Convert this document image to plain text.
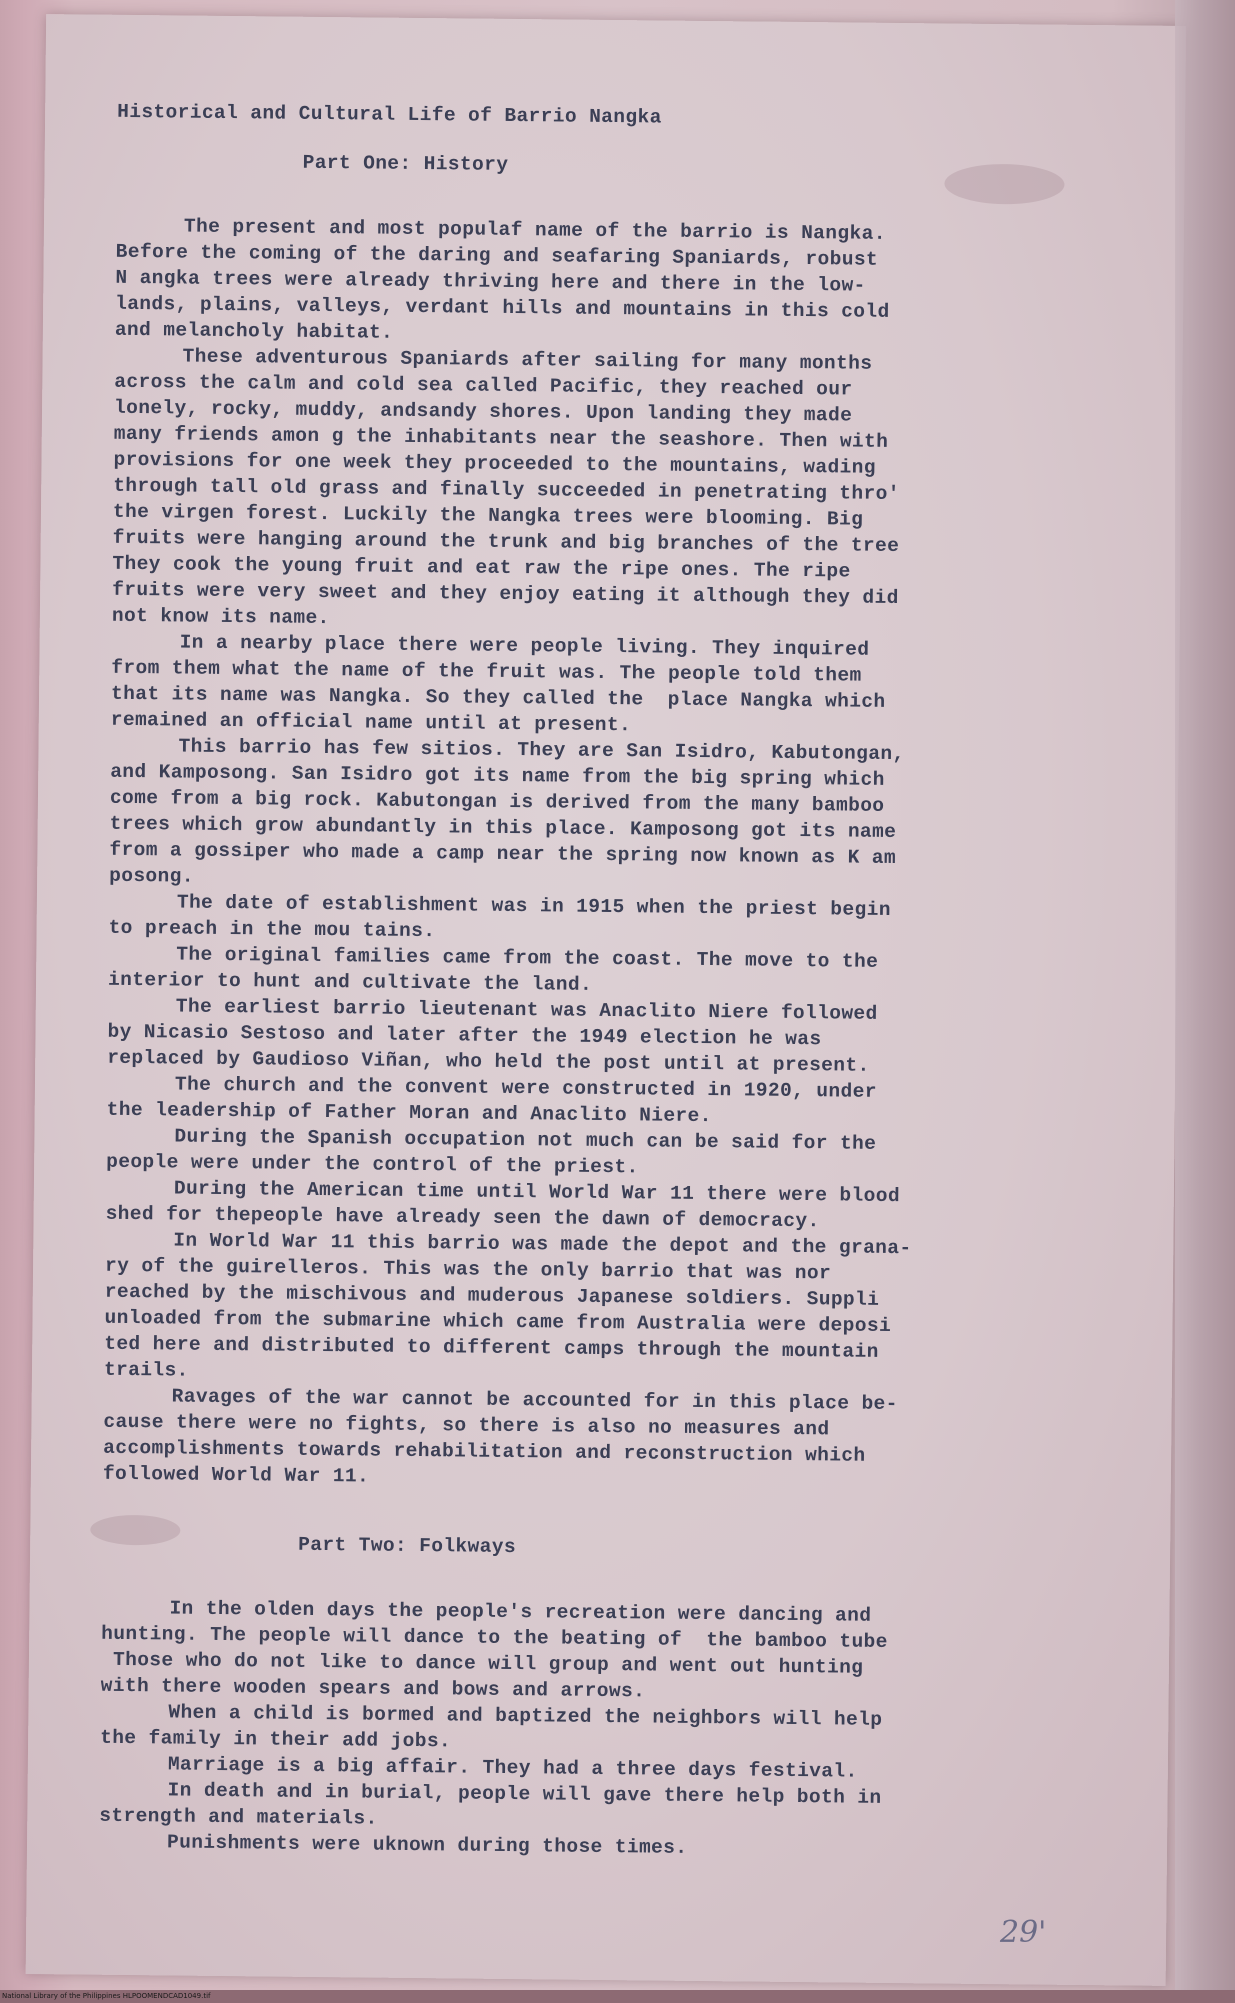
Historical and Cultural Life of Barrio Nangka
Part One: History
The present and most populaf name of the barrio is Nangka.
Before the coming of the daring and seafaring Spaniards, robust
N angka trees were already thriving here and there in the low-
lands, plains, valleys, verdant hills and mountains in this cold
and melancholy habitat.
These adventurous Spaniards after sailing for many months
across the calm and cold sea called Pacific, they reached our
lonely, rocky, muddy, andsandy shores. Upon landing they made
many friends amon g the inhabitants near the seashore. Then with
provisions for one week they proceeded to the mountains, wading
through tall old grass and finally succeeded in penetrating thro'
the virgen forest. Luckily the Nangka trees were blooming. Big
fruits were hanging around the trunk and big branches of the tree
They cook the young fruit and eat raw the ripe ones. The ripe
fruits were very sweet and they enjoy eating it although they did
not know its name.
In a nearby place there were people living. They inquired
from them what the name of the fruit was. The people told them
that its name was Nangka. So they called the  place Nangka which
remained an official name until at present.
This barrio has few sitios. They are San Isidro, Kabutongan,
and Kamposong. San Isidro got its name from the big spring which
come from a big rock. Kabutongan is derived from the many bamboo
trees which grow abundantly in this place. Kamposong got its name
from a gossiper who made a camp near the spring now known as K am
posong.
The date of establishment was in 1915 when the priest begin
to preach in the mou tains.
The original families came from the coast. The move to the
interior to hunt and cultivate the land.
The earliest barrio lieutenant was Anaclito Niere followed
by Nicasio Sestoso and later after the 1949 election he was
replaced by Gaudioso Viñan, who held the post until at present.
The church and the convent were constructed in 1920, under
the leadership of Father Moran and Anaclito Niere.
During the Spanish occupation not much can be said for the
people were under the control of the priest.
During the American time until World War 11 there were blood
shed for thepeople have already seen the dawn of democracy.
In World War 11 this barrio was made the depot and the grana-
ry of the guirelleros. This was the only barrio that was nor
reached by the mischivous and muderous Japanese soldiers. Suppli
unloaded from the submarine which came from Australia were deposi
ted here and distributed to different camps through the mountain
trails.
Ravages of the war cannot be accounted for in this place be-
cause there were no fights, so there is also no measures and
accomplishments towards rehabilitation and reconstruction which
followed World War 11.
Part Two: Folkways
In the olden days the people's recreation were dancing and
hunting. The people will dance to the beating of  the bamboo tube
Those who do not like to dance will group and went out hunting
with there wooden spears and bows and arrows.
When a child is bormed and baptized the neighbors will help
the family in their add jobs.
Marriage is a big affair. They had a three days festival.
In death and in burial, people will gave there help both in
strength and materials.
Punishments were uknown during those times.
29'
National Library of the Philippines HLPOOMENDCAD1049.tif
